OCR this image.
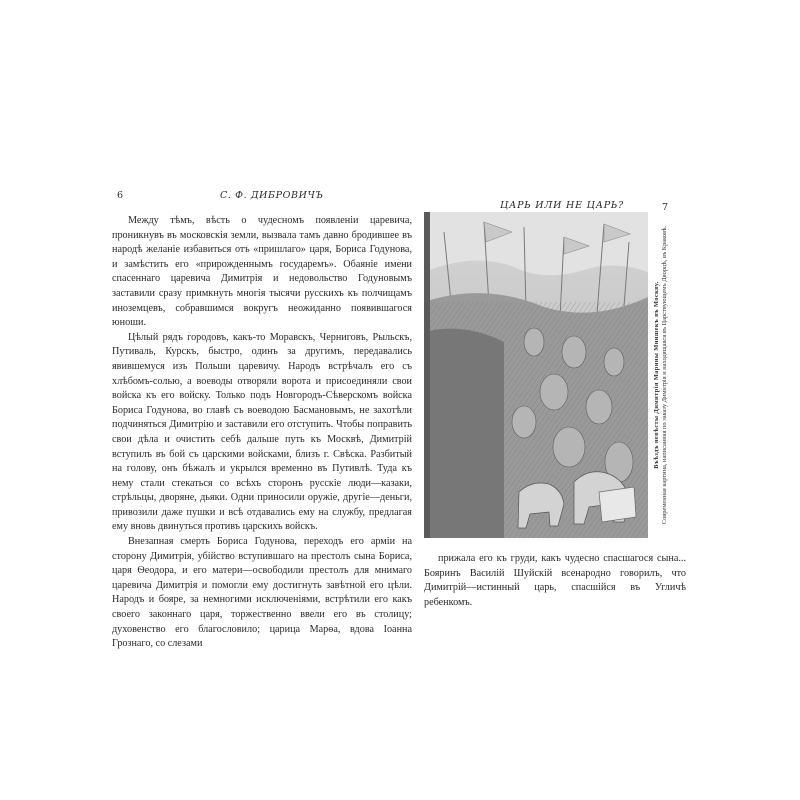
6	С. Ф. ДИБРОВИЧЪ

Между тѣмъ, вѣсть о чудесномъ появленіи царевича, проникнувъ въ московскія земли, вызвала тамъ давно бродившее въ народѣ желаніе избавиться отъ «пришлаго» царя, Бориса Годунова, и замѣстить его «прирожденнымъ государемъ». Обаяніе имени спасеннаго царевича Димитрія и недовольство Годуновымъ заставили сразу примкнуть многія тысячи русскихъ къ полчищамъ иноземцевъ, собравшимся вокругъ неожиданно появившагося юноши.

Цѣлый рядъ городовъ, какъ-то Моравскъ, Черниговъ, Рыльскъ, Путиваль, Курскъ, быстро, одинъ за другимъ, передавались явившемуся изъ Польши царевичу. Народъ встрѣчалъ его съ хлѣбомъ-солью, а воеводы отворяли ворота и присоединяли свои войска къ его войску. Только подъ Новгородъ-Сѣверскомъ войска Бориса Годунова, во главѣ съ воеводою Басмановымъ, не захотѣли подчиняться Димитрію и заставили его отступить. Чтобы поправить свои дѣла и очистить себѣ дальше путь къ Москвѣ, Димитрій вступилъ въ бой съ царскими войсками, близъ г. Свѣска. Разбитый на голову, онъ бѣжалъ и укрылся временно въ Путивлѣ. Туда къ нему стали стекаться со всѣхъ сторонъ русскіе люди—казаки, стрѣльцы, дворяне, дьяки. Одни приносили оружіе, другіе—деньги, привозили даже пушки и всѣ отдавались ему на службу, предлагая ему вновь двинуться противъ царскихъ войскъ.

Внезапная смерть Бориса Годунова, переходъ его арміи на сторону Димитрія, убійство вступившаго на престолъ сына Бориса, царя Ѳеодора, и его матери—освободили престолъ для мнимаго царевича Димитрія и помогли ему достигнуть завѣтной его цѣли. Народъ и бояре, за немногими исключеніями, встрѣтили его какъ своего законнаго царя, торжественно ввели его въ столицу; духовенство его благословило; царица Марѳа, вдова Іоанна Грознаго, со слезами

ЦАРЬ ИЛИ НЕ ЦАРЬ?	7
Въѣздъ невѣсты Димитрія Марины Мнишекъ въ Москву. Современная картина, написанная по заказу Димитрія и находящаяся въ Царствующемъ Дворцѣ, въ Краковѣ.
прижала его къ груди, какъ чудесно спасшагося сына... Бояринъ Василій Шуйскій всенародно говорилъ, что Димитрій—истинный царь, спасшійся въ Угличѣ ребенкомъ.
